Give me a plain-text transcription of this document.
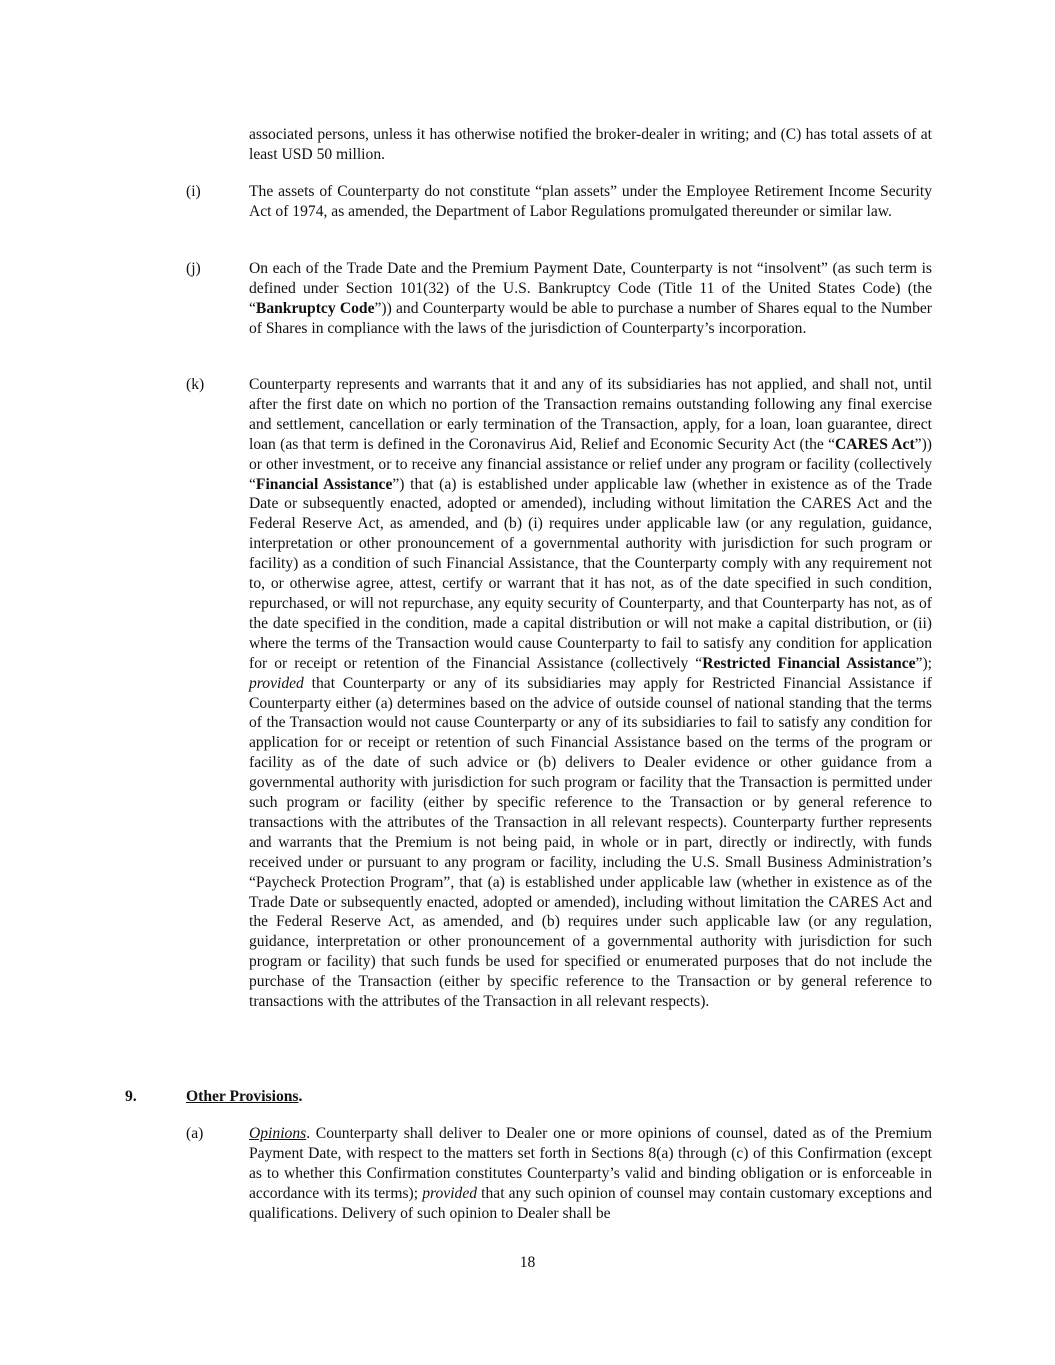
associated persons, unless it has otherwise notified the broker-dealer in writing; and (C) has total assets of at least USD 50 million.
(i)	The assets of Counterparty do not constitute “plan assets” under the Employee Retirement Income Security Act of 1974, as amended, the Department of Labor Regulations promulgated thereunder or similar law.
(j)	On each of the Trade Date and the Premium Payment Date, Counterparty is not “insolvent” (as such term is defined under Section 101(32) of the U.S. Bankruptcy Code (Title 11 of the United States Code) (the “Bankruptcy Code”)) and Counterparty would be able to purchase a number of Shares equal to the Number of Shares in compliance with the laws of the jurisdiction of Counterparty’s incorporation.
(k)	Counterparty represents and warrants that it and any of its subsidiaries has not applied, and shall not, until after the first date on which no portion of the Transaction remains outstanding following any final exercise and settlement, cancellation or early termination of the Transaction, apply, for a loan, loan guarantee, direct loan (as that term is defined in the Coronavirus Aid, Relief and Economic Security Act (the “CARES Act”)) or other investment, or to receive any financial assistance or relief under any program or facility (collectively “Financial Assistance”) that (a) is established under applicable law (whether in existence as of the Trade Date or subsequently enacted, adopted or amended), including without limitation the CARES Act and the Federal Reserve Act, as amended, and (b) (i) requires under applicable law (or any regulation, guidance, interpretation or other pronouncement of a governmental authority with jurisdiction for such program or facility) as a condition of such Financial Assistance, that the Counterparty comply with any requirement not to, or otherwise agree, attest, certify or warrant that it has not, as of the date specified in such condition, repurchased, or will not repurchase, any equity security of Counterparty, and that Counterparty has not, as of the date specified in the condition, made a capital distribution or will not make a capital distribution, or (ii) where the terms of the Transaction would cause Counterparty to fail to satisfy any condition for application for or receipt or retention of the Financial Assistance (collectively “Restricted Financial Assistance”); provided that Counterparty or any of its subsidiaries may apply for Restricted Financial Assistance if Counterparty either (a) determines based on the advice of outside counsel of national standing that the terms of the Transaction would not cause Counterparty or any of its subsidiaries to fail to satisfy any condition for application for or receipt or retention of such Financial Assistance based on the terms of the program or facility as of the date of such advice or (b) delivers to Dealer evidence or other guidance from a governmental authority with jurisdiction for such program or facility that the Transaction is permitted under such program or facility (either by specific reference to the Transaction or by general reference to transactions with the attributes of the Transaction in all relevant respects). Counterparty further represents and warrants that the Premium is not being paid, in whole or in part, directly or indirectly, with funds received under or pursuant to any program or facility, including the U.S. Small Business Administration’s “Paycheck Protection Program”, that (a) is established under applicable law (whether in existence as of the Trade Date or subsequently enacted, adopted or amended), including without limitation the CARES Act and the Federal Reserve Act, as amended, and (b) requires under such applicable law (or any regulation, guidance, interpretation or other pronouncement of a governmental authority with jurisdiction for such program or facility) that such funds be used for specified or enumerated purposes that do not include the purchase of the Transaction (either by specific reference to the Transaction or by general reference to transactions with the attributes of the Transaction in all relevant respects).
9.	Other Provisions.
(a)	Opinions. Counterparty shall deliver to Dealer one or more opinions of counsel, dated as of the Premium Payment Date, with respect to the matters set forth in Sections 8(a) through (c) of this Confirmation (except as to whether this Confirmation constitutes Counterparty’s valid and binding obligation or is enforceable in accordance with its terms); provided that any such opinion of counsel may contain customary exceptions and qualifications. Delivery of such opinion to Dealer shall be
18
